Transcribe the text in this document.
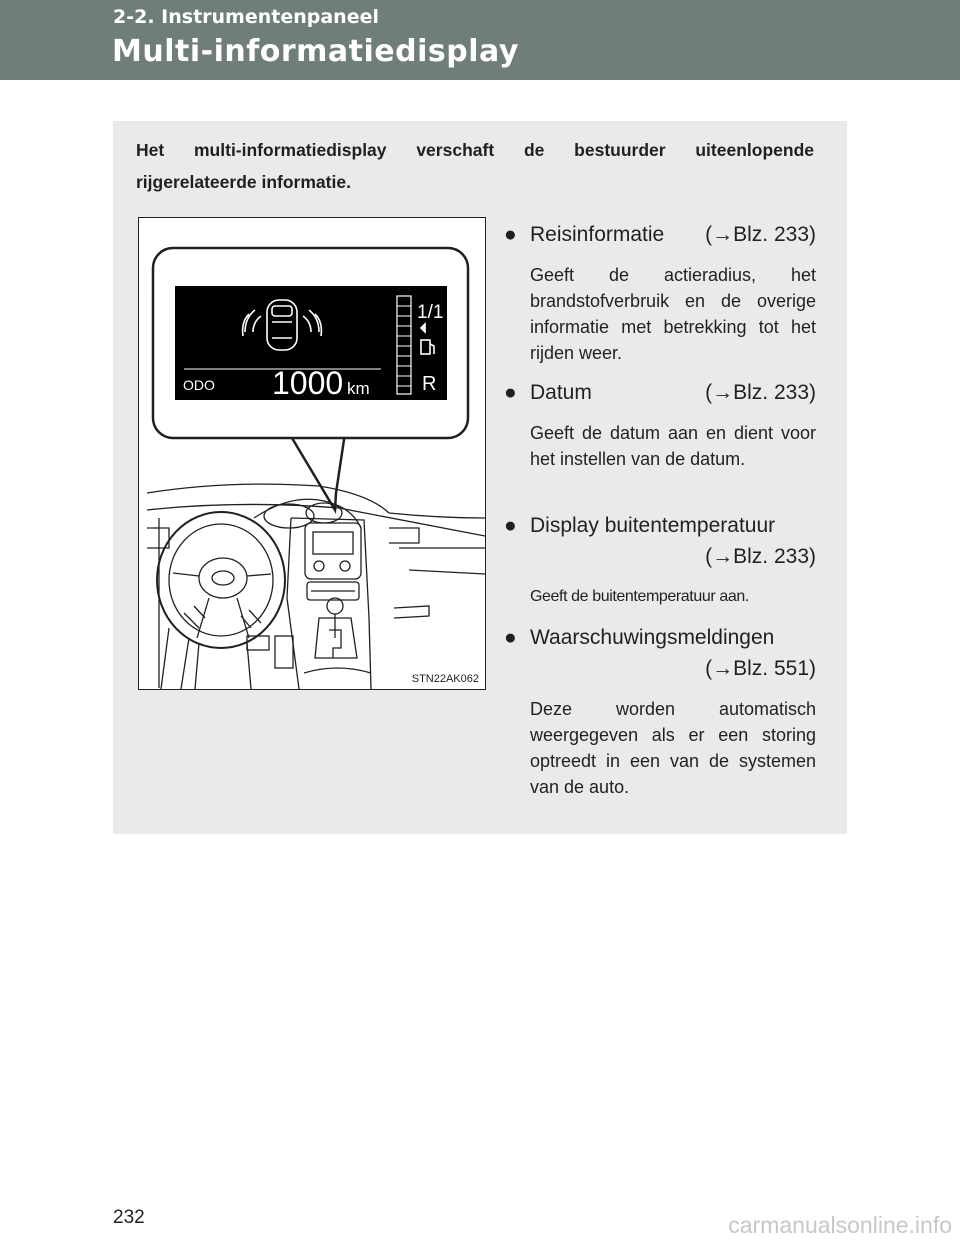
2-2. Instrumentenpaneel
Multi-informatiedisplay
Het multi-informatiedisplay verschaft de bestuurder uiteenlopende rijgerelateerde informatie.
1/1
ODO 1000 km	R
STN22AK062
● Reisinformatie (→Blz. 233)
Geeft de actieradius, het brandstofverbruik en de overige informatie met betrekking tot het rijden weer.
● Datum	(→Blz. 233)
Geeft de datum aan en dient voor het instellen van de datum.
● Display buitentemperatuur
(→Blz. 233)
Geeft de buitentemperatuur aan.
● Waarschuwingsmeldingen
(→Blz. 551)
Deze worden automatisch weergegeven als er een storing optreedt in een van de systemen van de auto.
232	carmanualsonline.info
